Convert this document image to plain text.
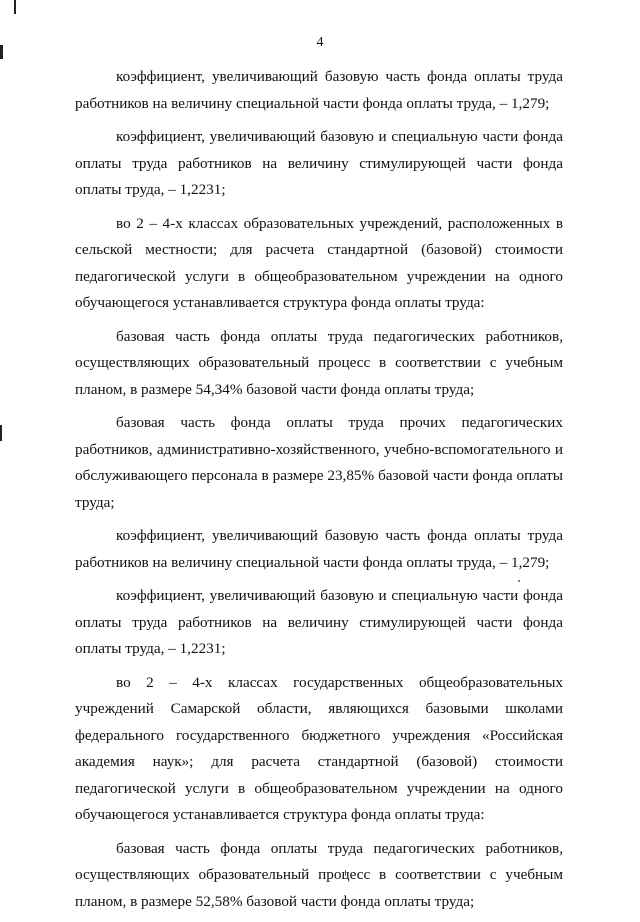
4

коэффициент, увеличивающий базовую часть фонда оплаты труда работников на величину специальной части фонда оплаты труда, – 1,279;

коэффициент, увеличивающий базовую и специальную части фонда оплаты труда работников на величину стимулирующей части фонда оплаты труда, – 1,2231;

во 2 – 4-х классах образовательных учреждений, расположенных в сельской местности; для расчета стандартной (базовой) стоимости педагогической услуги в общеобразовательном учреждении на одного обучающегося устанавливается структура фонда оплаты труда:

базовая часть фонда оплаты труда педагогических работников, осуществляющих образовательный процесс в соответствии с учебным планом, в размере 54,34% базовой части фонда оплаты труда;

базовая часть фонда оплаты труда прочих педагогических работников, административно-хозяйственного, учебно-вспомогательного и обслуживающего персонала в размере 23,85% базовой части фонда оплаты труда;

коэффициент, увеличивающий базовую часть фонда оплаты труда работников на величину специальной части фонда оплаты труда, – 1,279;

коэффициент, увеличивающий базовую и специальную части фонда оплаты труда работников на величину стимулирующей части фонда оплаты труда, – 1,2231;

во 2 – 4-х классах государственных общеобразовательных учреждений Самарской области, являющихся базовыми школами федерального государственного бюджетного учреждения «Российская академия наук»; для расчета стандартной (базовой) стоимости педагогической услуги в общеобразовательном учреждении на одного обучающегося устанавливается структура фонда оплаты труда:

базовая часть фонда оплаты труда педагогических работников, осуществляющих образовательный процесс в соответствии с учебным планом, в размере 52,58% базовой части фонда оплаты труда;
